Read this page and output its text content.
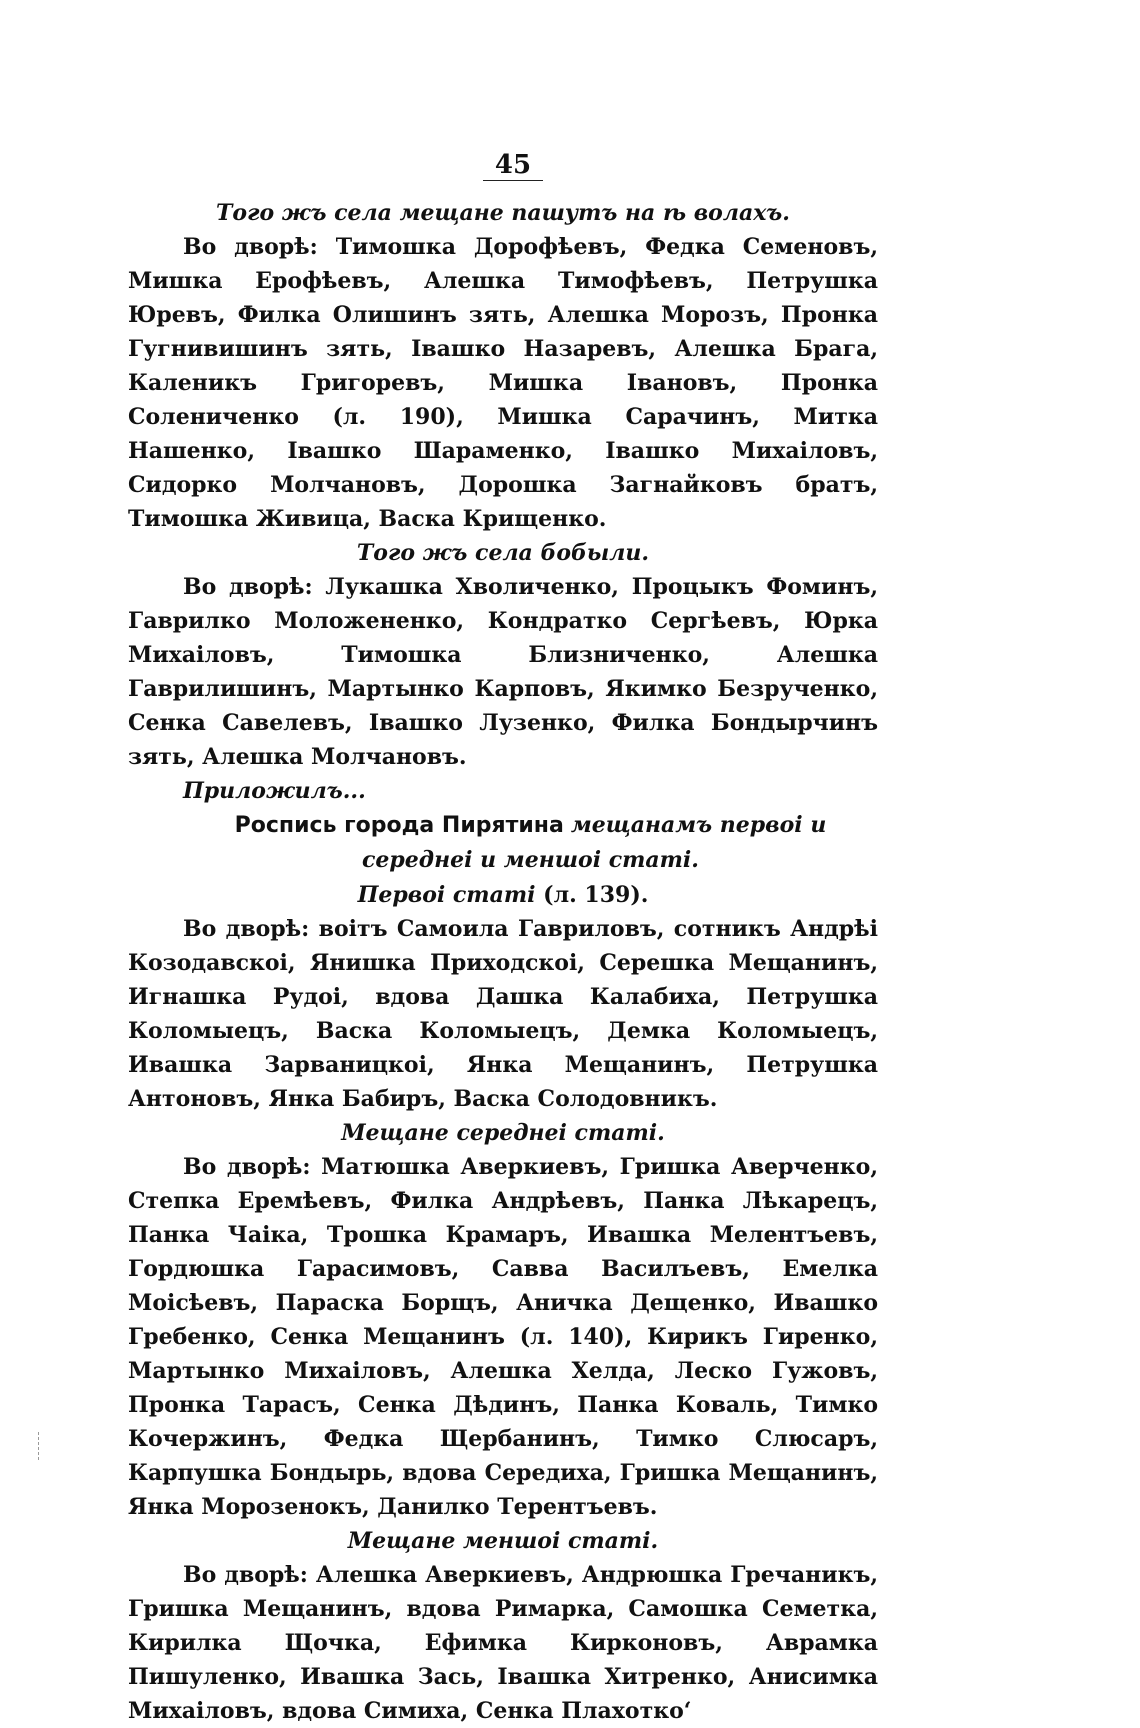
45

Того жъ села мещане пашутъ на ѣ волахъ.

Во дворѣ: Тимошка Дорофѣевъ, Федка Семеновъ, Мишка Ерофѣевъ, Алешка Тимофѣевъ, Петрушка Юревъ, Филка Олишинъ зять, Алешка Морозъ, Пронка Гугнивишинъ зять, Івашко Назаревъ, Алешка Брага, Каленикъ Григоревъ, Мишка Івановъ, Пронка Солениченко (л. 190), Мишка Сарачинъ, Митка Нашенко, Івашко Шараменко, Івашко Михаіловъ, Сидорко Молчановъ, Дорошка Загнайковъ братъ, Тимошка Живица, Васка Крищенко.

Того жъ села бобыли.

Во дворѣ: Лукашка Хволиченко, Процыкъ Фоминъ, Гаврилко Моложененко, Кондратко Сергѣевъ, Юрка Михаіловъ, Тимошка Близниченко, Алешка Гаврилишинъ, Мартынко Карповъ, Якимко Безрученко, Сенка Савелевъ, Івашко Лузенко, Филка Бондырчинъ зять, Алешка Молчановъ.

Приложилъ...

Роспись города Пирятина мещанамъ первоі и середнеі и меншоі статі.

Первоі статі (л. 139).

Во дворѣ: воітъ Самоила Гавриловъ, сотникъ Андрѣі Козодавскоі, Янишка Приходскоі, Серешка Мещанинъ, Игнашка Рудоі, вдова Дашка Калабиха, Петрушка Коломыецъ, Васка Коломыецъ, Демка Коломыецъ, Ивашка Зарваницкоі, Янка Мещанинъ, Петрушка Антоновъ, Янка Бабиръ, Васка Солодовникъ.

Мещане середнеі статі.

Во дворѣ: Матюшка Аверкиевъ, Гришка Аверченко, Степка Еремѣевъ, Филка Андрѣевъ, Панка Лѣкарецъ, Панка Чаіка, Трошка Крамаръ, Ивашка Мелентъевъ, Гордюшка Гарасимовъ, Савва Василъевъ, Емелка Моісѣевъ, Параска Борщъ, Аничка Дещенко, Ивашко Гребенко, Сенка Мещанинъ (л. 140), Кирикъ Гиренко, Мартынко Михаіловъ, Алешка Хелда, Леско Гужовъ, Пронка Тарасъ, Сенка Дѣдинъ, Панка Коваль, Тимко Кочержинъ, Федка Щербанинъ, Тимко Слюсаръ, Карпушка Бондырь, вдова Середиха, Гришка Мещанинъ, Янка Морозенокъ, Данилко Терентъевъ.

Мещане меншоі статі.

Во дворѣ: Алешка Аверкиевъ, Андрюшка Гречаникъ, Гришка Мещанинъ, вдова Римарка, Самошка Семетка, Кирилка Щочка, Ефимка Кирконовъ, Аврамка Пишуленко, Ивашка Зась, Івашка Хитренко, Анисимка Михаіловъ, вдова Симиха, Сенка Плахотко‘
